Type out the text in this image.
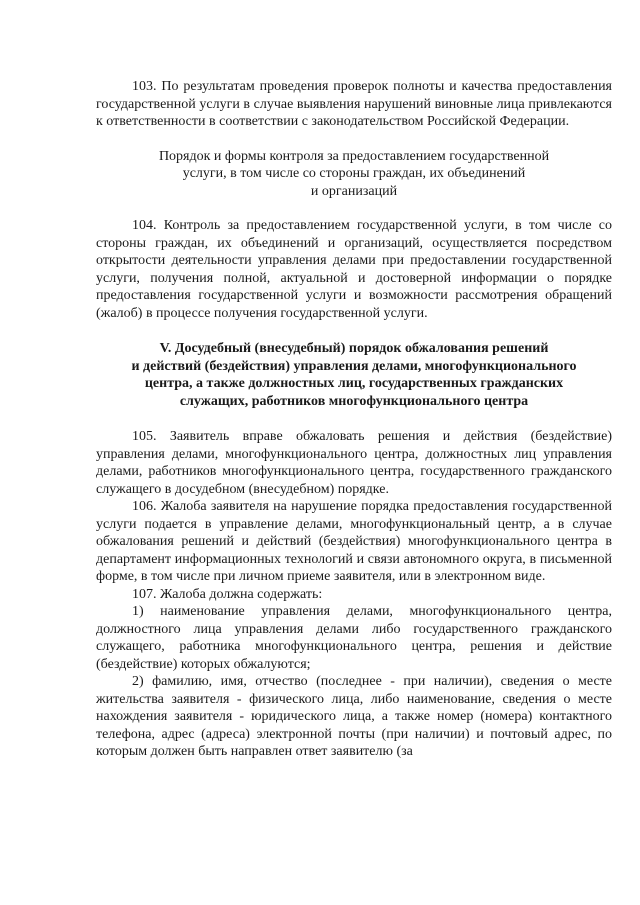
103. По результатам проведения проверок полноты и качества предоставления государственной услуги в случае выявления нарушений виновные лица привлекаются к ответственности в соответствии с законодательством Российской Федерации.

Порядок и формы контроля за предоставлением государственной
услуги, в том числе со стороны граждан, их объединений
и организаций

104. Контроль за предоставлением государственной услуги, в том числе со стороны граждан, их объединений и организаций, осуществляется посредством открытости деятельности управления делами при предоставлении государственной услуги, получения полной, актуальной и достоверной информации о порядке предоставления государственной услуги и возможности рассмотрения обращений (жалоб) в процессе получения государственной услуги.

V. Досудебный (внесудебный) порядок обжалования решений
и действий (бездействия) управления делами, многофункционального
центра, а также должностных лиц, государственных гражданских
служащих, работников многофункционального центра

105. Заявитель вправе обжаловать решения и действия (бездействие) управления делами, многофункционального центра, должностных лиц управления делами, работников многофункционального центра, государственного гражданского служащего в досудебном (внесудебном) порядке.

106. Жалоба заявителя на нарушение порядка предоставления государственной услуги подается в управление делами, многофункциональный центр, а в случае обжалования решений и действий (бездействия) многофункционального центра в департамент информационных технологий и связи автономного округа, в письменной форме, в том числе при личном приеме заявителя, или в электронном виде.

107. Жалоба должна содержать:

1) наименование управления делами, многофункционального центра, должностного лица управления делами либо государственного гражданского служащего, работника многофункционального центра, решения и действие (бездействие) которых обжалуются;

2) фамилию, имя, отчество (последнее - при наличии), сведения о месте жительства заявителя - физического лица, либо наименование, сведения о месте нахождения заявителя - юридического лица, а также номер (номера) контактного телефона, адрес (адреса) электронной почты (при наличии) и почтовый адрес, по которым должен быть направлен ответ заявителю (за
